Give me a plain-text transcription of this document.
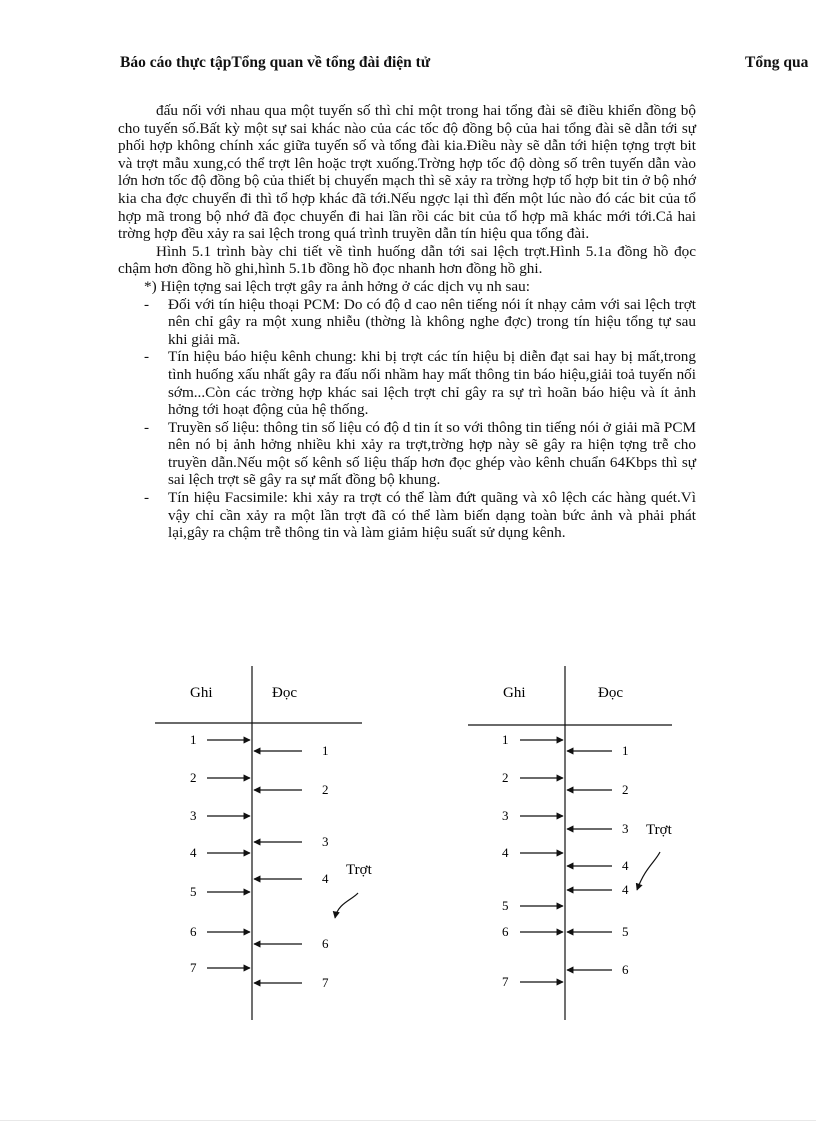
Báo cáo thực tậpTổng quan về tổng đài điện tử	Tổng qua

đấu nối với nhau qua một tuyến số thì chỉ một trong hai tổng đài sẽ điều khiển đồng bộ cho tuyến số.Bất kỳ một sự sai khác nào của các tốc độ đồng bộ của hai tổng đài sẽ dẫn tới sự phối hợp không chính xác giữa tuyến số và tổng đài kia.Điều này sẽ dẫn tới hiện tợng trợt bit và trợt mẫu xung,có thể trợt lên hoặc trợt xuống.Trờng hợp tốc độ dòng số trên tuyến dẫn vào lớn hơn tốc độ đồng bộ của thiết bị chuyển mạch thì sẽ xảy ra trờng hợp tổ hợp bit tin ở bộ nhớ kia cha đợc chuyển đi thì tổ hợp khác đã tới.Nếu ngợc lại thì đến một lúc nào đó các bit của tổ hợp mã trong bộ nhớ đã đọc chuyển đi hai lần rồi các bit của tổ hợp mã khác mới tới.Cả hai trờng hợp đều xảy ra sai lệch trong quá trình truyền dẫn tín hiệu qua tổng đài.

Hình 5.1 trình bày chi tiết về tình huống dẫn tới sai lệch trợt.Hình 5.1a đồng hồ đọc chậm hơn đồng hồ ghi,hình 5.1b đồng hồ đọc nhanh hơn đồng hồ ghi.

*) Hiện tợng sai lệch trợt gây ra ảnh hởng ở các dịch vụ nh sau:

-	Đối với tín hiệu thoại PCM: Do có độ d cao nên tiếng nói ít nhạy cảm với sai lệch trợt nên chỉ gây ra một xung nhiễu (thờng là không nghe đợc) trong tín hiệu tổng tự sau khi giải mã.
-	Tín hiệu báo hiệu kênh chung: khi bị trợt các tín hiệu bị diễn đạt sai hay bị mất,trong tình huống xấu nhất gây ra đấu nối nhầm hay mất thông tin báo hiệu,giải toả tuyến nối sớm...Còn các trờng hợp khác sai lệch trợt chỉ gây ra sự trì hoãn báo hiệu và ít ảnh hởng tới hoạt động của hệ thống.
-	Truyền số liệu: thông tin số liệu có độ d tin ít so với thông tin tiếng nói ở giải mã PCM nên nó bị ảnh hởng nhiều khi xảy ra trợt,trờng hợp này sẽ gây ra hiện tợng trễ cho truyền dẫn.Nếu một số kênh số liệu thấp hơn đọc ghép vào kênh chuẩn 64Kbps thì sự sai lệch trợt sẽ gây ra sự mất đồng bộ khung.
-	Tín hiệu Facsimile: khi xảy ra trợt có thể làm đứt quãng và xô lệch các hàng quét.Vì vậy chỉ cần xảy ra một lần trợt đã có thể làm biến dạng toàn bức ảnh và phải phát lại,gây ra chậm trễ thông tin và làm giảm hiệu suất sử dụng kênh.
Ghi	Đọc
1
2
3
4
5
6
7
1
2
3
4
6
7
Trợt
Ghi	Đọc
1
2
3
4
5
6
7
1
2
3
4
4
5
6
Trợt
